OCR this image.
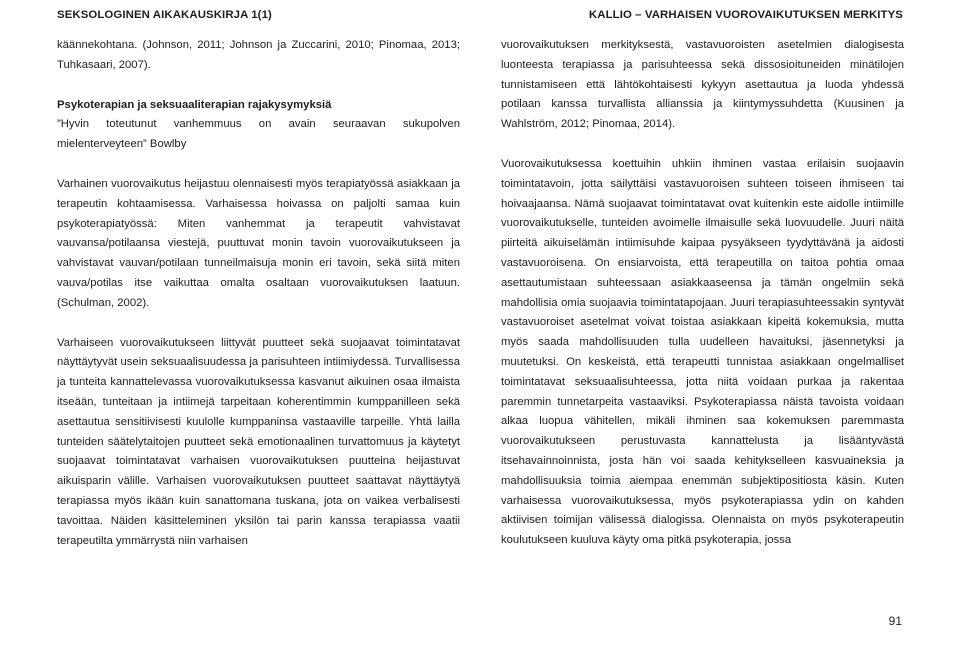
SEKSOLOGINEN AIKAKAUSKIRJA 1(1)	KALLIO – VARHAISEN VUOROVAIKUTUKSEN MERKITYS

käännekohtana. (Johnson, 2011; Johnson ja Zuccarini, 2010; Pinomaa, 2013; Tuhkasaari, 2007).

Psykoterapian ja seksuaaliterapian rajakysymyksiä

”Hyvin toteutunut vanhemmuus on avain seuraavan sukupolven mielenterveyteen” Bowlby

Varhainen vuorovaikutus heijastuu olennaisesti myös terapiatyössä asiakkaan ja terapeutin kohtaamisessa. Varhaisessa hoivassa on paljolti samaa kuin psykoterapiatyössä: Miten vanhemmat ja terapeutit vahvistavat vauvansa/potilaansa viestejä, puuttuvat monin tavoin vuorovaikutukseen ja vahvistavat vauvan/potilaan tunneilmaisuja monin eri tavoin, sekä siitä miten vauva/potilas itse vaikuttaa omalta osaltaan vuorovaikutuksen laatuun. (Schulman, 2002).

Varhaiseen vuorovaikutukseen liittyvät puutteet sekä suojaavat toimintatavat näyttäytyvät usein seksuaalisuudessa ja parisuhteen intiimiydessä. Turvallisessa ja tunteita kannattelevassa vuorovaikutuksessa kasvanut aikuinen osaa ilmaista itseään, tunteitaan ja intiimejä tarpeitaan koherentimmin kumppanilleen sekä asettautua sensitiivisesti kuulolle kumppaninsa vastaaville tarpeille. Yhtä lailla tunteiden säätelytaitojen puutteet sekä emotionaalinen turvattomuus ja käytetyt suojaavat toimintatavat varhaisen vuorovaikutuksen puutteina heijastuvat aikuisparin välille. Varhaisen vuorovaikutuksen puutteet saattavat näyttäytyä terapiassa myös ikään kuin sanattomana tuskana, jota on vaikea verbalisesti tavoittaa. Näiden käsitteleminen yksilön tai parin kanssa terapiassa vaatii terapeutilta ymmärrystä niin varhaisen

vuorovaikutuksen merkityksestä, vastavuoroisten asetelmien dialogisesta luonteesta terapiassa ja parisuhteessa sekä dissosioituneiden minätilojen tunnistamiseen että lähtökohtaisesti kykyyn asettautua ja luoda yhdessä potilaan kanssa turvallista allianssia ja kiintymyssuhdetta (Kuusinen ja Wahlström, 2012; Pinomaa, 2014).

Vuorovaikutuksessa koettuihin uhkiin ihminen vastaa erilaisin suojaavin toimintatavoin, jotta säilyttäisi vastavuoroisen suhteen toiseen ihmiseen tai hoivaajaansa. Nämä suojaavat toimintatavat ovat kuitenkin este aidolle intiimille vuorovaikutukselle, tunteiden avoimelle ilmaisulle sekä luovuudelle. Juuri näitä piirteitä aikuiselämän intiimisuhde kaipaa pysyäkseen tyydyttävänä ja aidosti vastavuoroisena. On ensiarvoista, että terapeutilla on taitoa pohtia omaa asettautumistaan suhteessaan asiakkaaseensa ja tämän ongelmiin sekä mahdollisia omia suojaavia toimintatapojaan. Juuri terapiasuhteessakin syntyvät vastavuoroiset asetelmat voivat toistaa asiakkaan kipeitä kokemuksia, mutta myös saada mahdollisuuden tulla uudelleen havaituksi, jäsennetyksi ja muutetuksi. On keskeistä, että terapeutti tunnistaa asiakkaan ongelmalliset toimintatavat seksuaalisuhteessa, jotta niitä voidaan purkaa ja rakentaa paremmin tunnetarpeita vastaaviksi. Psykoterapiassa näistä tavoista voidaan alkaa luopua vähitellen, mikäli ihminen saa kokemuksen paremmasta vuorovaikutukseen perustuvasta kannattelusta ja lisääntyvästä itsehavainnoinnista, josta hän voi saada kehitykselleen kasvuaineksia ja mahdollisuuksia toimia aiempaa enemmän subjektipositiosta käsin. Kuten varhaisessa vuorovaikutuksessa, myös psykoterapiassa ydin on kahden aktiivisen toimijan välisessä dialogissa. Olennaista on myös psykoterapeutin koulutukseen kuuluva käyty oma pitkä psykoterapia, jossa

91
